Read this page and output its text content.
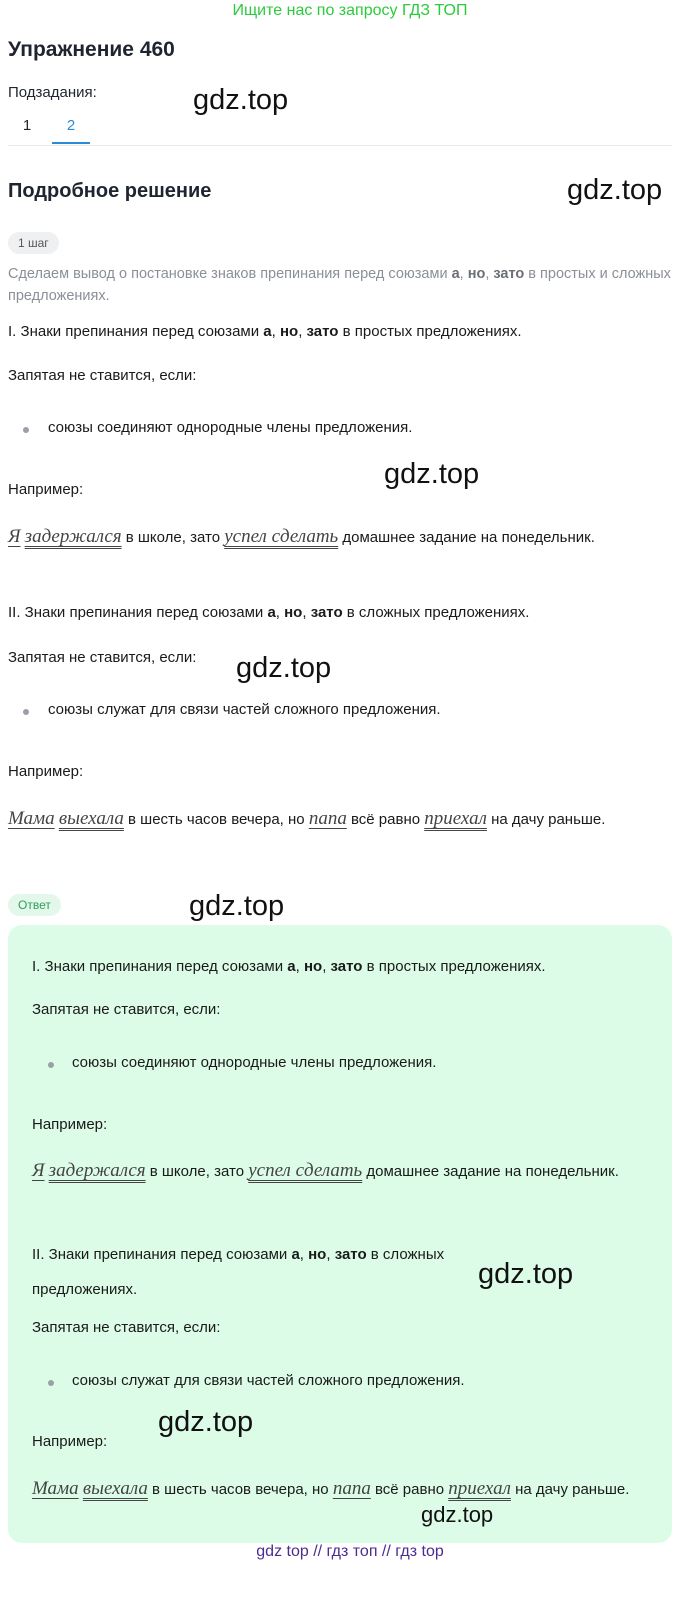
Ищите нас по запросу ГДЗ ТОП
Упражнение 460
Подзадания:
1	2
gdz.top
Подробное решение	gdz.top
1 шаг
Сделаем вывод о постановке знаков препинания перед союзами а, но, зато в простых и сложных предложениях.
I. Знаки препинания перед союзами а, но, зато в простых предложениях.
Запятая не ставится, если:
союзы соединяют однородные члены предложения.
gdz.top
Например:
Я задержался в школе, зато успел сделать домашнее задание на понедельник.
II. Знаки препинания перед союзами а, но, зато в сложных предложениях.
Запятая не ставится, если:	gdz.top
союзы служат для связи частей сложного предложения.
Например:
Мама выехала в шесть часов вечера, но папа всё равно приехал на дачу раньше.
Ответ	gdz.top
I. Знаки препинания перед союзами а, но, зато в простых предложениях.
Запятая не ставится, если:
союзы соединяют однородные члены предложения.
Например:
Я задержался в школе, зато успел сделать домашнее задание на понедельник.
II. Знаки препинания перед союзами а, но, зато в сложных предложениях.	gdz.top
Запятая не ставится, если:
союзы служат для связи частей сложного предложения.
gdz.top
Например:
Мама выехала в шесть часов вечера, но папа всё равно приехал на дачу раньше.
gdz.top
gdz top // гдз топ // гдз top
